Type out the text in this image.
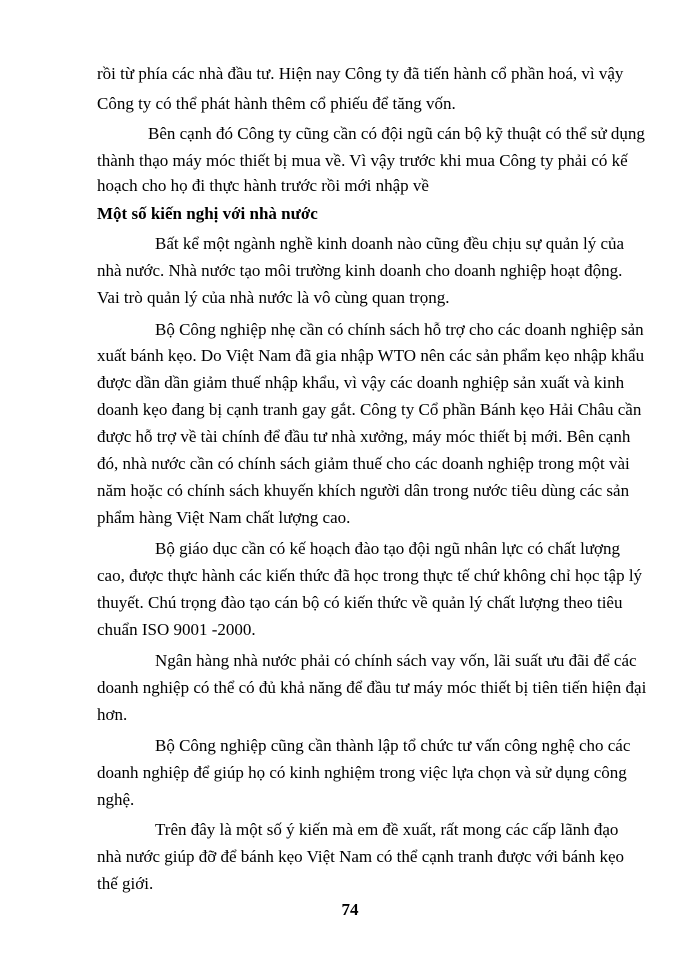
rồi từ phía các nhà đầu tư. Hiện nay Công ty đã tiến hành cổ phần hoá, vì vậy
Công ty có thể phát hành thêm cổ phiếu để tăng vốn.
Bên cạnh đó Công ty cũng cần có đội ngũ cán bộ kỹ thuật có thể sử dụng
thành thạo máy móc thiết bị mua về. Vì vậy trước khi mua Công ty phải có kế
hoạch cho họ đi thực hành trước rồi mới nhập về
Một số kiến nghị với nhà nước
Bất kể một ngành nghề kinh doanh nào cũng đều chịu sự quản lý của
nhà nước. Nhà nước tạo môi trường kinh doanh cho doanh nghiệp hoạt động.
Vai trò quản lý của nhà nước là vô cùng quan trọng.
Bộ Công nghiệp nhẹ cần có chính sách hỗ trợ cho các doanh nghiệp sản
xuất bánh kẹo. Do Việt Nam đã gia nhập WTO nên các sản phẩm kẹo nhập khẩu
được dần dần giảm thuế nhập khẩu, vì vậy các doanh nghiệp sản xuất và kinh
doanh kẹo đang bị cạnh tranh gay gắt. Công ty Cổ phần Bánh kẹo Hải Châu cần
được hỗ trợ về tài chính để đầu tư nhà xưởng, máy móc thiết bị mới. Bên cạnh
đó, nhà nước cần có chính sách giảm thuế cho các doanh nghiệp trong một vài
năm hoặc có chính sách khuyến khích người dân trong nước tiêu dùng các sản
phẩm hàng Việt Nam chất lượng cao.
Bộ giáo dục cần có kế hoạch đào tạo đội ngũ nhân lực có chất lượng
cao, được thực hành các kiến thức đã học trong thực tế chứ không chỉ học tập lý
thuyết. Chú trọng đào tạo cán bộ có kiến thức về quản lý chất lượng theo tiêu
chuẩn ISO 9001 -2000.
Ngân hàng nhà nước phải có chính sách vay vốn, lãi suất ưu đãi để các
doanh nghiệp có thể có đủ khả năng để đầu tư máy móc thiết bị tiên tiến hiện đại
hơn.
Bộ Công nghiệp cũng cần thành lập tổ chức tư vấn công nghệ cho các
doanh nghiệp để giúp họ có kinh nghiệm trong việc lựa chọn và sử dụng công
nghệ.
Trên đây là một số ý kiến mà em đề xuất, rất mong các cấp lãnh đạo
nhà nước giúp đỡ để bánh kẹo Việt Nam có thể cạnh tranh được với bánh kẹo
thế giới.
74
